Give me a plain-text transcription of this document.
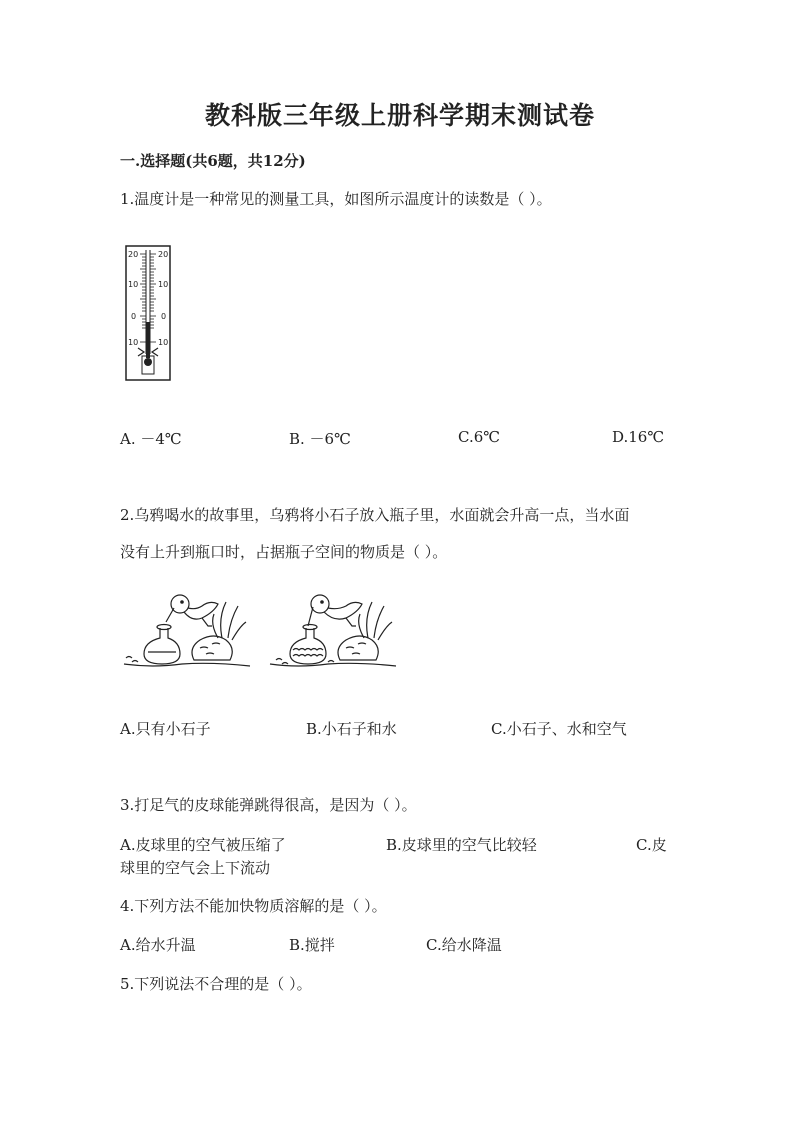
教科版三年级上册科学期末测试卷
一.选择题(共6题，共12分)
1.温度计是一种常见的测量工具，如图所示温度计的读数是（ ）。
20 20
10 10
0	0
10 10
A. －4℃	B. －6℃	C.6℃	D.16℃
2.乌鸦喝水的故事里，乌鸦将小石子放入瓶子里，水面就会升高一点，当水面
没有上升到瓶口时，占据瓶子空间的物质是（ ）。
A.只有小石子	B.小石子和水	C.小石子、水和空气
3.打足气的皮球能弹跳得很高，是因为（ ）。
A.皮球里的空气被压缩了	B.皮球里的空气比较轻	C.皮
球里的空气会上下流动
4.下列方法不能加快物质溶解的是（ ）。
A.给水升温	B.搅拌	C.给水降温
5.下列说法不合理的是（ ）。
